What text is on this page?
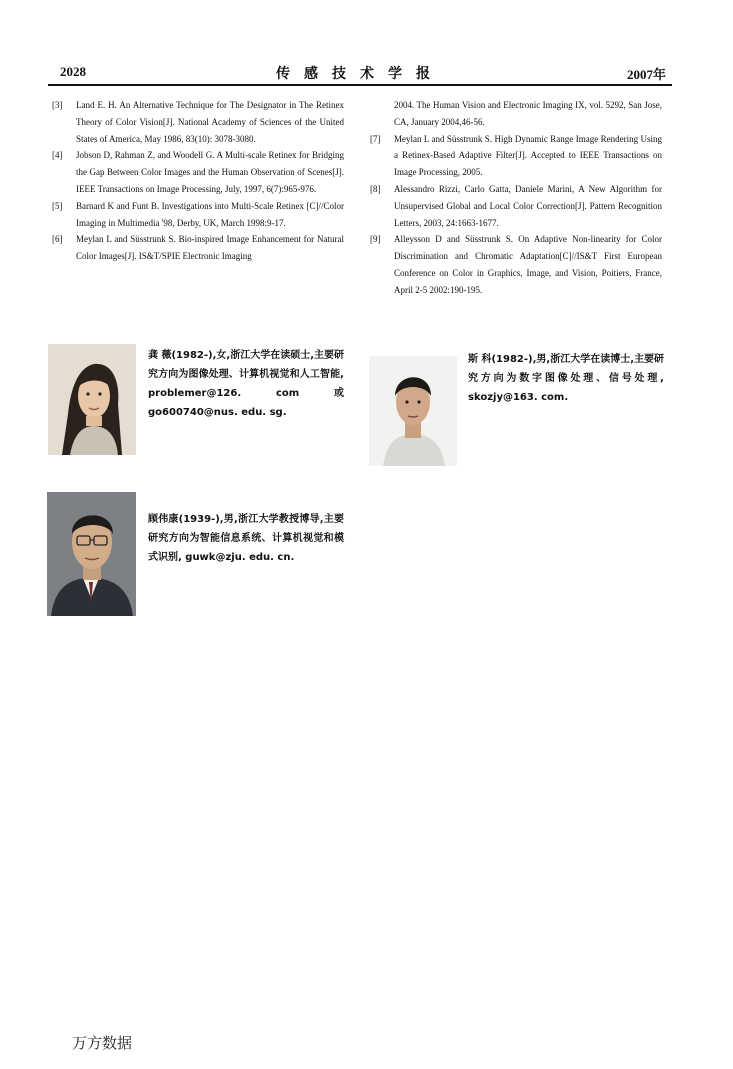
2028	传感技术学报	2007年
[3] Land E. H. An Alternative Technique for The Designator in The Retinex Theory of Color Vision[J]. National Academy of Sciences of the United States of America, May 1986, 83(10): 3078-3080.
[4] Jobson D, Rahman Z, and Woodell G. A Multi-scale Retinex for Bridging the Gap Between Color Images and the Human Observation of Scenes[J]. IEEE Transactions on Image Processing, July, 1997, 6(7):965-976.
[5] Barnard K and Funt B. Investigations into Multi-Scale Retinex [C]//Color Imaging in Multimedia '98, Derby, UK, March 1998:9-17.
[6] Meylan L and Süsstrunk S. Bio-inspired Image Enhancement for Natural Color Images[J]. IS&T/SPIE Electronic Imaging
2004. The Human Vision and Electronic Imaging IX, vol. 5292, San Jose, CA, January 2004,46-56.
[7] Meylan L and Süsstrunk S. High Dynamic Range Image Rendering Using a Retinex-Based Adaptive Filter[J]. Accepted to IEEE Transactions on Image Processing, 2005.
[8] Alessandro Rizzi, Carlo Gatta, Daniele Marini, A New Algorithm for Unsupervised Global and Local Color Correction[J]. Pattern Recognition Letters, 2003, 24:1663-1677.
[9] Alleysson D and Süsstrunk S. On Adaptive Non-linearity for Color Discrimination and Chromatic Adaptation[C]//IS&T First European Conference on Color in Graphics, Image, and Vision, Poitiers, France, April 2-5 2002:190-195.
龚 薇(1982-),女,浙江大学在读硕士,主要研究方向为图像处理、计算机视觉和人工智能, problemer@126. com 或 go600740@nus. edu. sg.
斯 科(1982-),男,浙江大学在读博士,主要研究方向为数字图像处理、信号处理, skozjy@163. com.
顾伟康(1939-),男,浙江大学教授博导,主要研究方向为智能信息系统、计算机视觉和模式识别, guwk@zju. edu. cn.
万方数据
